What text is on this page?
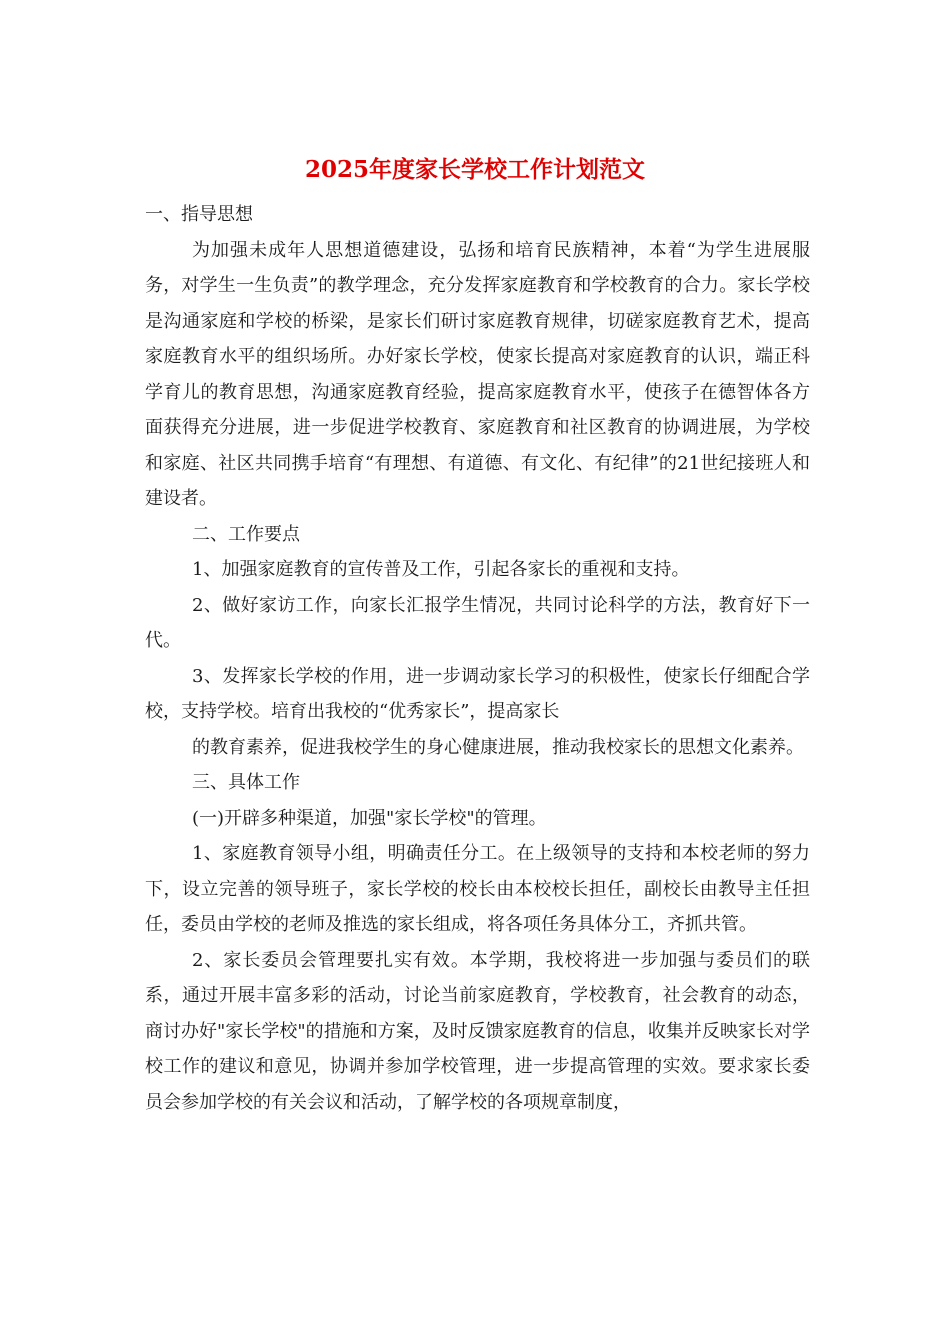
2025年度家长学校工作计划范文

一、指导思想

为加强未成年人思想道德建设，弘扬和培育民族精神，本着“为学生进展服务，对学生一生负责”的教学理念，充分发挥家庭教育和学校教育的合力。家长学校是沟通家庭和学校的桥梁，是家长们研讨家庭教育规律，切磋家庭教育艺术，提高家庭教育水平的组织场所。办好家长学校，使家长提高对家庭教育的认识，端正科学育儿的教育思想，沟通家庭教育经验，提高家庭教育水平，使孩子在德智体各方面获得充分进展，进一步促进学校教育、家庭教育和社区教育的协调进展，为学校和家庭、社区共同携手培育“有理想、有道德、有文化、有纪律”的21世纪接班人和建设者。

二、工作要点

1、加强家庭教育的宣传普及工作，引起各家长的重视和支持。

2、做好家访工作，向家长汇报学生情况，共同讨论科学的方法，教育好下一代。

3、发挥家长学校的作用，进一步调动家长学习的积极性，使家长仔细配合学校，支持学校。培育出我校的“优秀家长”，提高家长

的教育素养，促进我校学生的身心健康进展，推动我校家长的思想文化素养。

三、具体工作

(一)开辟多种渠道，加强"家长学校"的管理。

1、家庭教育领导小组，明确责任分工。在上级领导的支持和本校老师的努力下，设立完善的领导班子，家长学校的校长由本校校长担任，副校长由教导主任担任，委员由学校的老师及推选的家长组成，将各项任务具体分工，齐抓共管。

2、家长委员会管理要扎实有效。本学期，我校将进一步加强与委员们的联系，通过开展丰富多彩的活动，讨论当前家庭教育，学校教育，社会教育的动态，商讨办好"家长学校"的措施和方案，及时反馈家庭教育的信息，收集并反映家长对学校工作的建议和意见，协调并参加学校管理，进一步提高管理的实效。要求家长委员会参加学校的有关会议和活动，了解学校的各项规章制度，
